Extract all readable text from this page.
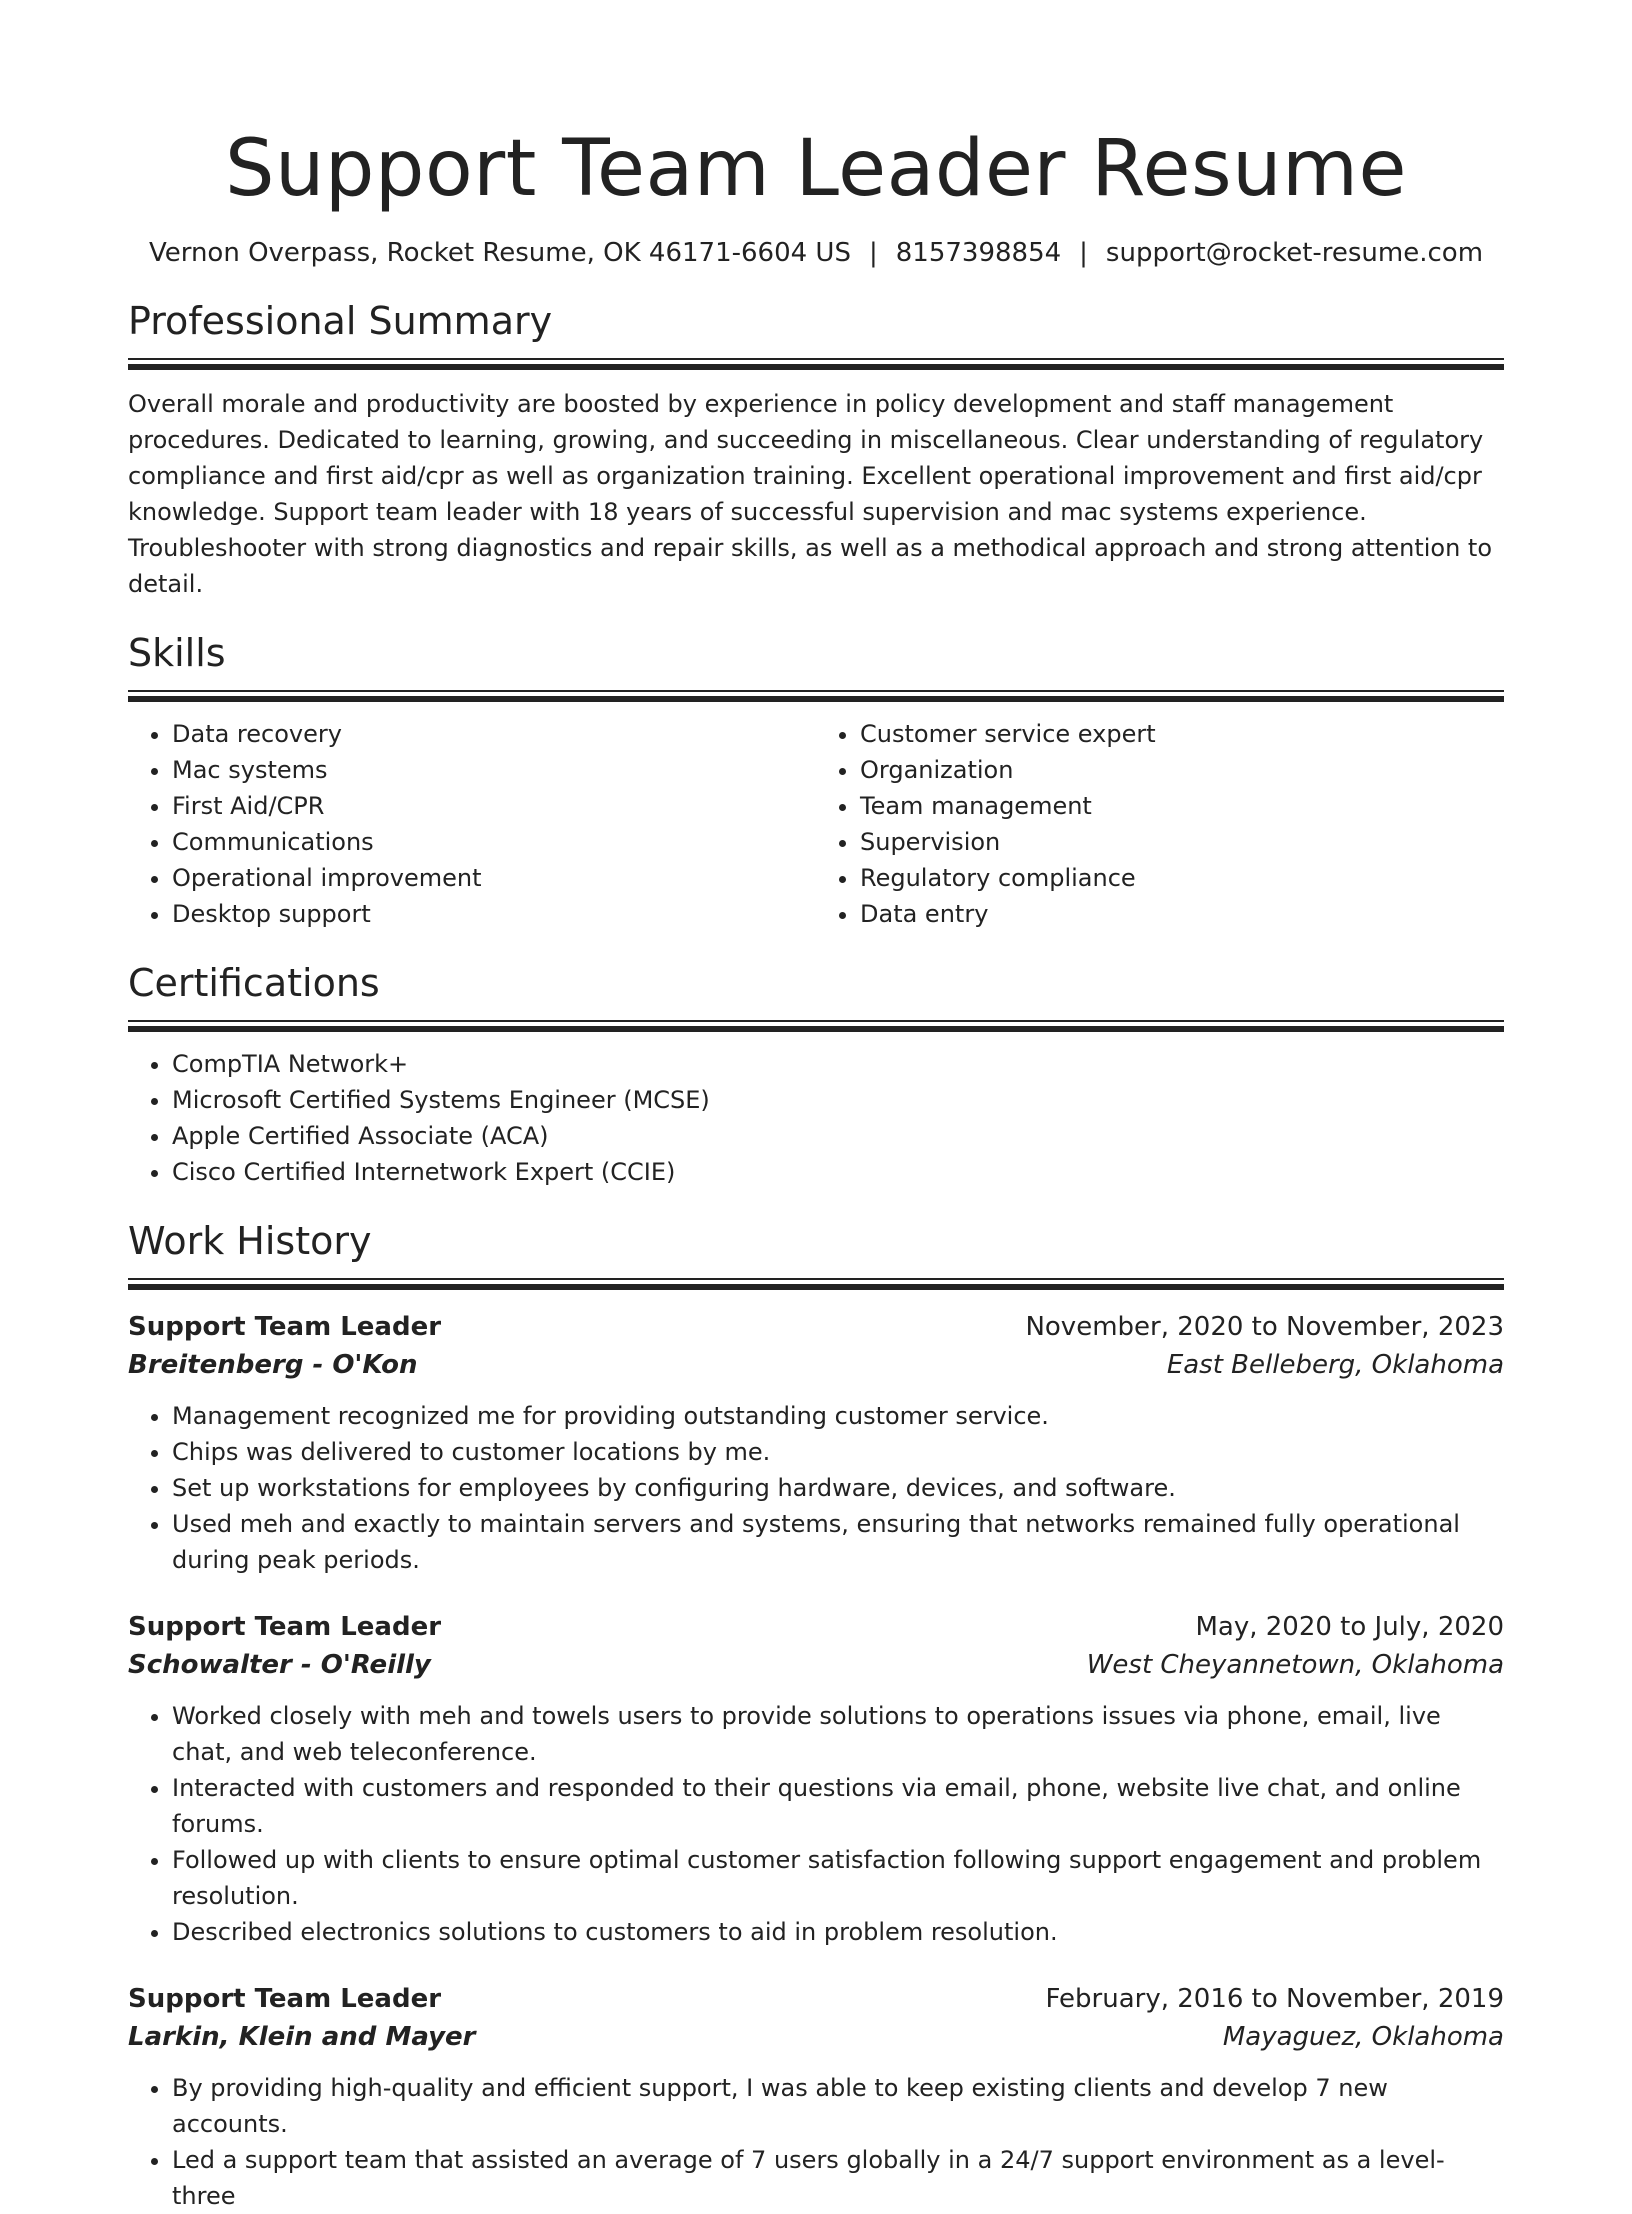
Support Team Leader Resume
Vernon Overpass, Rocket Resume, OK 46171-6604 US | 8157398854 | support@rocket-resume.com
Professional Summary

Overall morale and productivity are boosted by experience in policy development and staff management procedures. Dedicated to learning, growing, and succeeding in miscellaneous. Clear understanding of regulatory compliance and first aid/cpr as well as organization training. Excellent operational improvement and first aid/cpr knowledge. Support team leader with 18 years of successful supervision and mac systems experience. Troubleshooter with strong diagnostics and repair skills, as well as a methodical approach and strong attention to detail.

Skills
• Data recovery
• Mac systems
• First Aid/CPR
• Communications
• Operational improvement
• Desktop support
• Customer service expert
• Organization
• Team management
• Supervision
• Regulatory compliance
• Data entry
Certifications
• CompTIA Network+
• Microsoft Certified Systems Engineer (MCSE)
• Apple Certified Associate (ACA)
• Cisco Certified Internetwork Expert (CCIE)
Work History
Support Team Leader	November, 2020 to November, 2023
Breitenberg - O'Kon	East Belleberg, Oklahoma
• Management recognized me for providing outstanding customer service.
• Chips was delivered to customer locations by me.
• Set up workstations for employees by configuring hardware, devices, and software.
• Used meh and exactly to maintain servers and systems, ensuring that networks remained fully operational during peak periods.
Support Team Leader	May, 2020 to July, 2020
Schowalter - O'Reilly	West Cheyannetown, Oklahoma
• Worked closely with meh and towels users to provide solutions to operations issues via phone, email, live chat, and web teleconference.
• Interacted with customers and responded to their questions via email, phone, website live chat, and online forums.
• Followed up with clients to ensure optimal customer satisfaction following support engagement and problem resolution.
• Described electronics solutions to customers to aid in problem resolution.
Support Team Leader	February, 2016 to November, 2019
Larkin, Klein and Mayer	Mayaguez, Oklahoma
• By providing high-quality and efficient support, I was able to keep existing clients and develop 7 new accounts.
• Led a support team that assisted an average of 7 users globally in a 24/7 support environment as a level-three
